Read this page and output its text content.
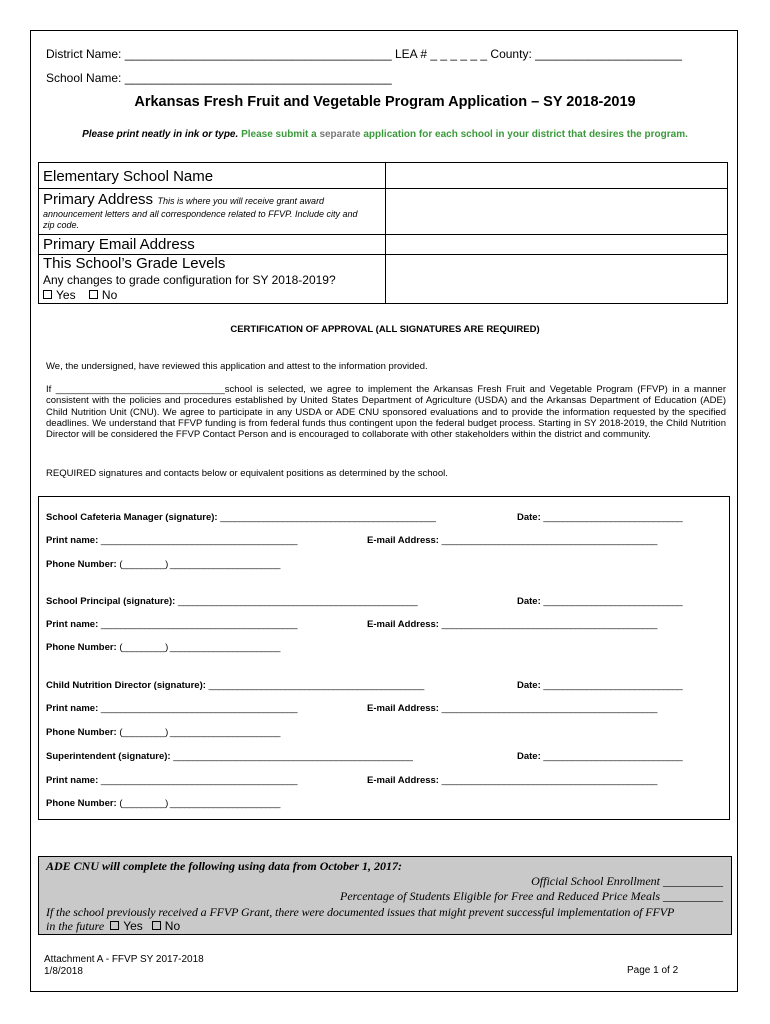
District Name: ________________________________________ LEA # _ _ _ _ _ _ County: ______________________
School Name: ________________________________________
Arkansas Fresh Fruit and Vegetable Program Application – SY 2018-2019
Please print neatly in ink or type. Please submit a separate application for each school in your district that desires the program.
Elementary School Name	

Primary Address This is where you will receive grant award
announcement letters and all correspondence related to FFVP. Include city and zip code.	

Primary Email Address	

This School’s Grade Levels
Any changes to grade configuration for SY 2018-2019?
Yes No	

CERTIFICATION OF APPROVAL (ALL SIGNATURES ARE REQUIRED)
We, the undersigned, have reviewed this application and attest to the information provided.
If ________________________________school is selected, we agree to implement the Arkansas Fresh Fruit and Vegetable Program (FFVP) in a manner consistent with the policies and procedures established by United States Department of Agriculture (USDA) and the Arkansas Department of Education (ADE) Child Nutrition Unit (CNU). We agree to participate in any USDA or ADE CNU sponsored evaluations and to provide the information requested by the specified deadlines. We understand that FFVP funding is from federal funds thus contingent upon the federal budget process. Starting in SY 2018-2019, the Child Nutrition Director will be considered the FFVP Contact Person and is encouraged to collaborate with other stakeholders within the district and community.
REQUIRED signatures and contacts below or equivalent positions as determined by the school.
School Cafeteria Manager (signature): _____________________________________________	Date: _____________________________
Print name: _________________________________________	E-mail Address: _____________________________________________
Phone Number: (_________) _______________________
School Principal (signature): __________________________________________________	Date: _____________________________
Print name: _________________________________________	E-mail Address: _____________________________________________
Phone Number: (_________) _______________________
Child Nutrition Director (signature): _____________________________________________	Date: _____________________________
Print name: _________________________________________	E-mail Address: _____________________________________________
Phone Number: (_________) _______________________
Superintendent (signature): __________________________________________________	Date: _____________________________
Print name: _________________________________________	E-mail Address: _____________________________________________
Phone Number: (_________) _______________________
ADE CNU will complete the following using data from October 1, 2017:
Official School Enrollment __________
Percentage of Students Eligible for Free and Reduced Price Meals __________
If the school previously received a FFVP Grant, there were documented issues that might prevent successful implementation of FFVP
in the future Yes No
Attachment A - FFVP SY 2017-2018
1/8/2018	Page 1 of 2
